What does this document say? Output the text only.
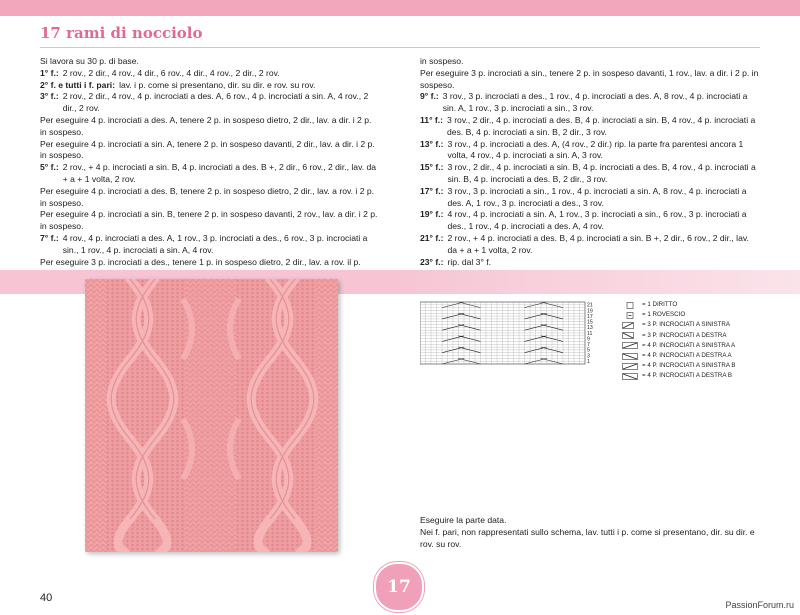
17 rami di nocciolo

Si lavora su 30 p. di base.

1° f.: 2 rov., 2 dir., 4 rov., 4 dir., 6 rov., 4 dir., 4 rov., 2 dir., 2 rov.
2° f. e tutti i f. pari: lav. i p. come si presentano, dir. su dir. e rov. su rov.
3° f.: 2 rov., 2 dir., 4 rov., 4 p. incrociati a des. A, 6 rov., 4 p. incrociati a sin. A, 4 rov., 2 dir., 2 rov.
Per eseguire 4 p. incrociati a des. A, tenere 2 p. in sospeso dietro, 2 dir., lav. a dir. i 2 p. in sospeso.
Per eseguire 4 p. incrociati a sin. A, tenere 2 p. in sospeso davanti, 2 dir., lav. a dir. i 2 p. in sospeso.
5° f.: 2 rov., + 4 p. incrociati a sin. B, 4 p. incrociati a des. B +, 2 dir., 6 rov., 2 dir., lav. da + a + 1 volta, 2 rov.
Per eseguire 4 p. incrociati a des. B, tenere 2 p. in sospeso dietro, 2 dir., lav. a rov. i 2 p. in sospeso.
Per eseguire 4 p. incrociati a sin. B, tenere 2 p. in sospeso davanti, 2 rov., lav. a dir. i 2 p. in sospeso.
7° f.: 4 rov., 4 p. incrociati a des. A, 1 rov., 3 p. incrociati a des., 6 rov., 3 p. incrociati a sin., 1 rov., 4 p. incrociati a sin. A, 4 rov.
Per eseguire 3 p. incrociati a des., tenere 1 p. in sospeso dietro, 2 dir., lav. a rov. il p.
in sospeso.
Per eseguire 3 p. incrociati a sin., tenere 2 p. in sospeso davanti, 1 rov., lav. a dir. i 2 p. in sospeso.
9° f.: 3 rov., 3 p. incrociati a des., 1 rov., 4 p. incrociati a des. A, 8 rov., 4 p. incrociati a sin. A, 1 rov., 3 p. incrociati a sin., 3 rov.
11° f.: 3 rov., 2 dir., 4 p. incrociati a des. B, 4 p. incrociati a sin. B, 4 rov., 4 p. incrociati a des. B, 4 p. incrociati a sin. B, 2 dir., 3 rov.
13° f.: 3 rov., 4 p. incrociati a des. A, (4 rov., 2 dir.) rip. la parte fra parentesi ancora 1 volta, 4 rov., 4 p. incrociati a sin. A, 3 rov.
15° f.: 3 rov., 2 dir., 4 p. incrociati a sin. B, 4 p. incrociati a des. B, 4 rov., 4 p. incrociati a sin. B, 4 p. incrociati a des. B, 2 dir., 3 rov.
17° f.: 3 rov., 3 p. incrociati a sin., 1 rov., 4 p. incrociati a sin. A, 8 rov., 4 p. incrociati a des. A, 1 rov., 3 p. incrociati a des., 3 rov.
19° f.: 4 rov., 4 p. incrociati a sin. A, 1 rov., 3 p. incrociati a sin., 6 rov., 3 p. incrociati a des., 1 rov., 4 p. incrociati a des. A, 4 rov.
21° f.: 2 rov., + 4 p. incrociati a des. B, 4 p. incrociati a sin. B +, 2 dir., 6 rov., 2 dir., lav. da + a + 1 volta, 2 rov.
23° f.: rip. dal 3° f.
21
19
17
15
13
11
9
7
5
3
1
= 1 DIRITTO
= 1 ROVESCIO
= 3 P. INCROCIATI A SINISTRA
= 3 P. INCROCIATI A DESTRA
= 4 P. INCROCIATI A SINISTRA A
= 4 P. INCROCIATI A DESTRA A
= 4 P. INCROCIATI A SINISTRA B
= 4 P. INCROCIATI A DESTRA B

Eseguire la parte data.

Nei f. pari, non rappresentati sullo schema, lav. tutti i p. come si presentano, dir. su dir. e rov. su rov.

40
17
PassionForum.ru
